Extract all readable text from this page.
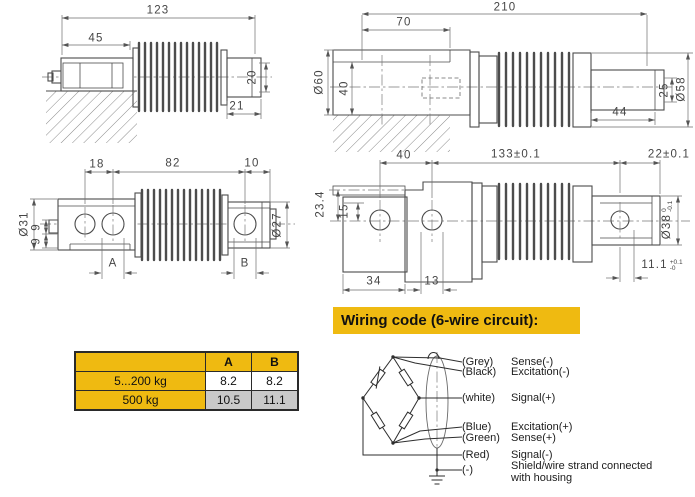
123
45
20
21
210
70
Ø60 40	25 Ø58
44
18	82	10
Ø31 9
9
A	B
Ø27
40	133±0.1	22±0.1
23.4 15
34	13
Ø38
0 -0.1
11.1 +0.1
-0
	A	B
5...200 kg	8.2	8.2
500 kg	10.5	11.1
Wiring code (6-wire circuit):
(Grey) Sense(-)
(Black) Excitation(-)
(white) Signal(+)
(Blue) Excitation(+)
(Green) Sense(+)
(Red) Signal(-)
(-)	Shield/wire strand connected with housing
